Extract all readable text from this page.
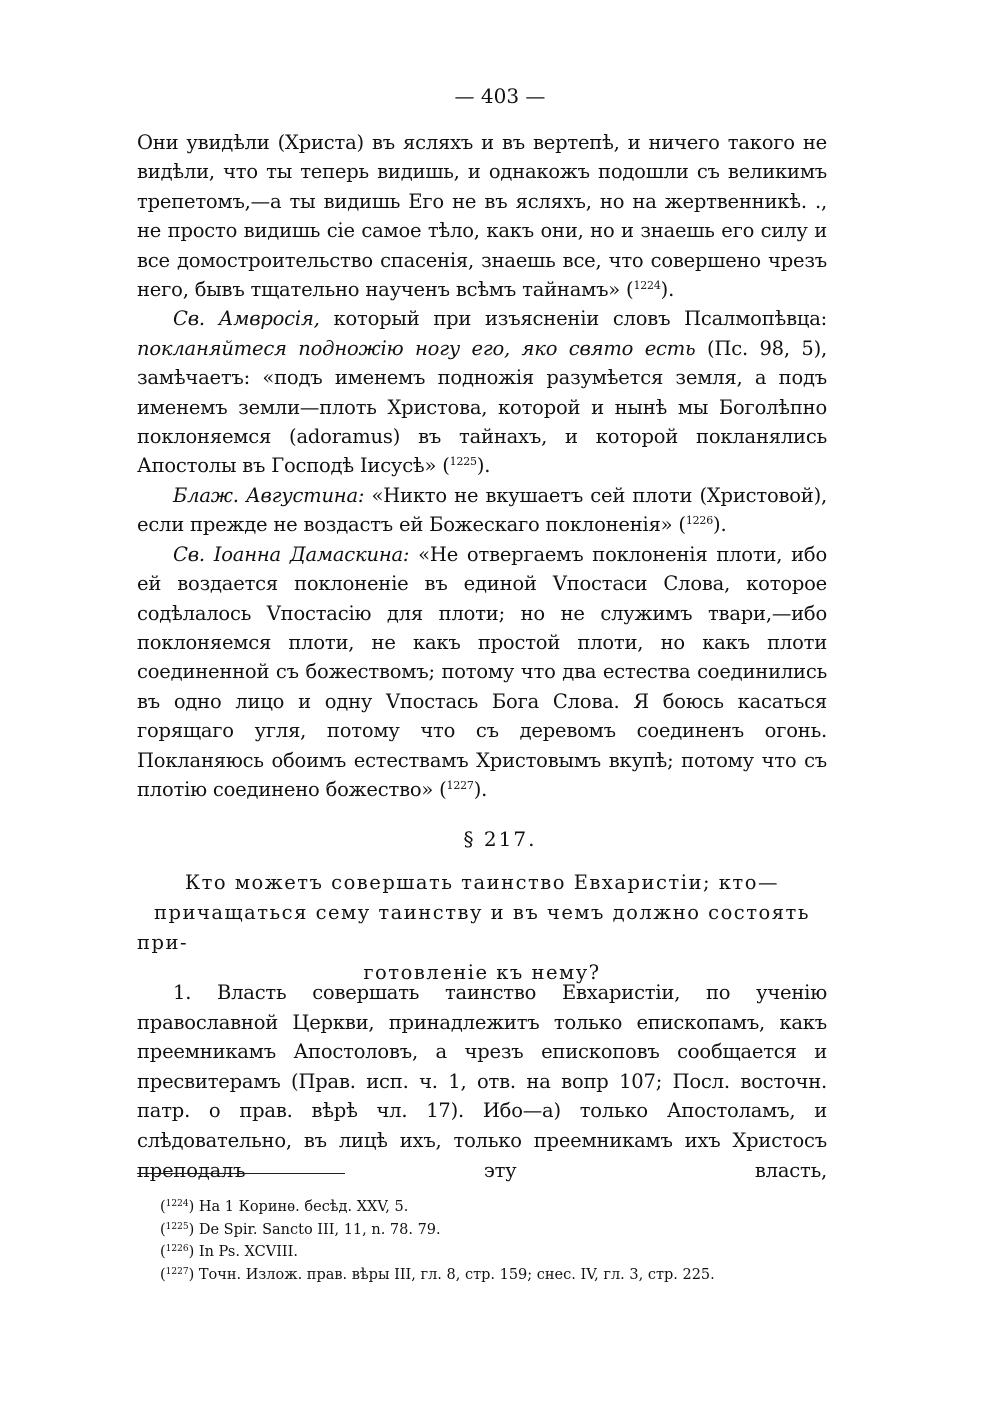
— 403 —

Они увидѣли (Христа) въ ясляхъ и въ вертепѣ, и ничего такого не видѣли, что ты теперь видишь, и однакожъ подошли съ великимъ трепетомъ,—а ты видишь Его не въ ясляхъ, но на жертвенникѣ. ., не просто видишь сіе самое тѣло, какъ они, но и знаешь его силу и все домостроительство спасенія, знаешь все, что совершено чрезъ него, бывъ тщательно наученъ всѣмъ тайнамъ» ($^{1224}$).

Св. Амвросія, который при изъясненіи словъ Псалмопѣвца: покланяйтеся подножію ногу его, яко свято есть (Пс. 98, 5), замѣчаетъ: «подъ именемъ подножія разумѣется земля, а подъ именемъ земли—плоть Христова, которой и нынѣ мы Боголѣпно поклоняемся (adoramus) въ тайнахъ, и которой покланялись Апостолы въ Господѣ Іисусѣ» ($^{1225}$).

Блаж. Августина: «Никто не вкушаетъ сей плоти (Христовой), если прежде не воздастъ ей Божескаго поклоненія» ($^{1226}$).

Св. Іоанна Дамаскина: «Не отвергаемъ поклоненія плоти, ибо ей воздается поклоненіе въ единой Vпостаси Слова, которое содѣлалось Vпостасію для плоти; но не служимъ твари,—ибо поклоняемся плоти, не какъ простой плоти, но какъ плоти соединенной съ божествомъ; потому что два естества соединились въ одно лицо и одну Vпостась Бога Слова. Я боюсь касаться горящаго угля, потому что съ деревомъ соединенъ огонь. Покланяюсь обоимъ естествамъ Христовымъ вкупѣ; потому что съ плотію соединено божество» ($^{1227}$).

§ 217.
Кто можетъ совершать таинство Евхаристіи; кто—причащаться сему таинству и въ чемъ должно состоять при-
готовленіе къ нему?

1. Власть совершать таинство Евхаристіи, по ученію православной Церкви, принадлежитъ только епископамъ, какъ преемникамъ Апостоловъ, а чрезъ епископовъ сообщается и пресвитерамъ (Прав. исп. ч. 1, отв. на вопр 107; Посл. восточн. патр. о прав. вѣрѣ чл. 17). Ибо—а) только Апостоламъ, и слѣдовательно, въ лицѣ ихъ, только преемникамъ ихъ Христосъ преподалъ эту власть,

($^{1224}$) На 1 Коринѳ. бесѣд. XXV, 5.
($^{1225}$) De Spir. Sancto III, 11, n. 78. 79.
($^{1226}$) In Ps. XCVIII.
($^{1227}$) Точн. Излож. прав. вѣры III, гл. 8, стр. 159; снес. IV, гл. 3, стр. 225.
